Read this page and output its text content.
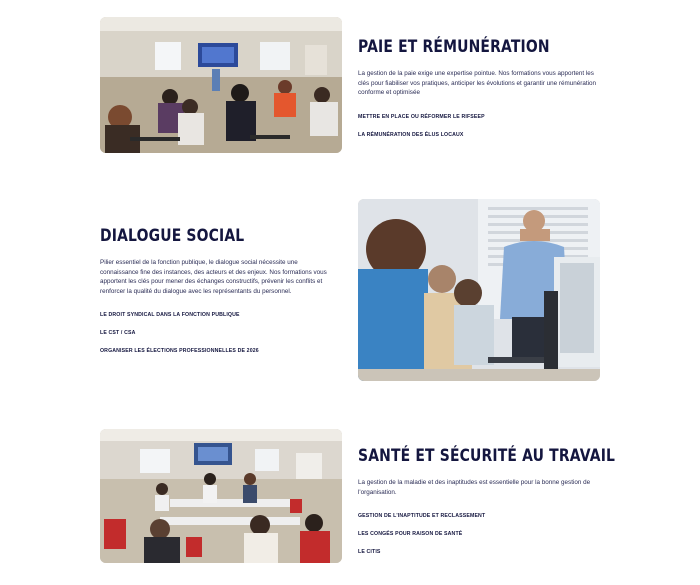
PAIE ET RÉMUNÉRATION

La gestion de la paie exige une expertise pointue. Nos formations vous apportent les clés pour fiabiliser vos pratiques, anticiper les évolutions et garantir une rémunération conforme et optimisée

METTRE EN PLACE OU RÉFORMER LE RIFSEEP
LA RÉMUNÉRATION DES ÉLUS LOCAUX
DIALOGUE SOCIAL

Pilier essentiel de la fonction publique, le dialogue social nécessite une connaissance fine des instances, des acteurs et des enjeux. Nos formations vous apportent les clés pour mener des échanges constructifs, prévenir les conflits et renforcer la qualité du dialogue avec les représentants du personnel.

LE DROIT SYNDICAL DANS LA FONCTION PUBLIQUE
LE CST / CSA
ORGANISER LES ÉLECTIONS PROFESSIONNELLES DE 2026
SANTÉ ET SÉCURITÉ AU TRAVAIL

La gestion de la maladie et des inaptitudes est essentielle pour la bonne gestion de l'organisation.

GESTION DE L'INAPTITUDE ET RECLASSEMENT
LES CONGÉS POUR RAISON DE SANTÉ
LE CITIS
